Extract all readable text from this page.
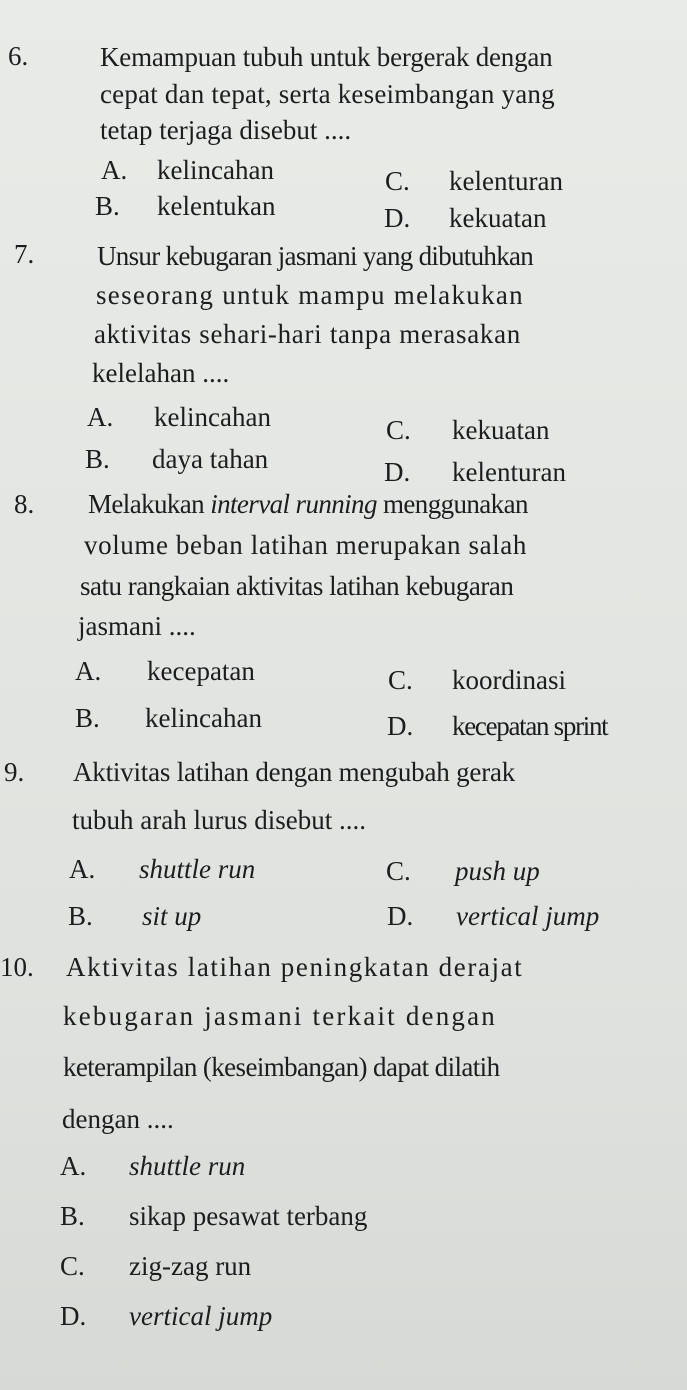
6.	Kemampuan tubuh untuk bergerak dengan
cepat dan tepat, serta keseimbangan yang
tetap terjaga disebut ....
A. kelincahan	C. kelenturan
B. kelentukan	D. kekuatan
7. Unsur kebugaran jasmani yang dibutuhkan
seseorang untuk mampu melakukan
aktivitas sehari-hari tanpa merasakan
kelelahan ....
A. kelincahan	C. kekuatan
B. daya tahan	D. kelenturan
8. Melakukan interval running menggunakan
volume beban latihan merupakan salah
satu rangkaian aktivitas latihan kebugaran
jasmani ....
A. kecepatan	C. koordinasi
B. kelincahan	D. kecepatan sprint
9. Aktivitas latihan dengan mengubah gerak
tubuh arah lurus disebut ....
A. shuttle run	C. push up
B. sit up	D. vertical jump
10. Aktivitas latihan peningkatan derajat
kebugaran jasmani terkait dengan
keterampilan (keseimbangan) dapat dilatih
dengan ....
A. shuttle run
B. sikap pesawat terbang
C. zig-zag run
D. vertical jump
